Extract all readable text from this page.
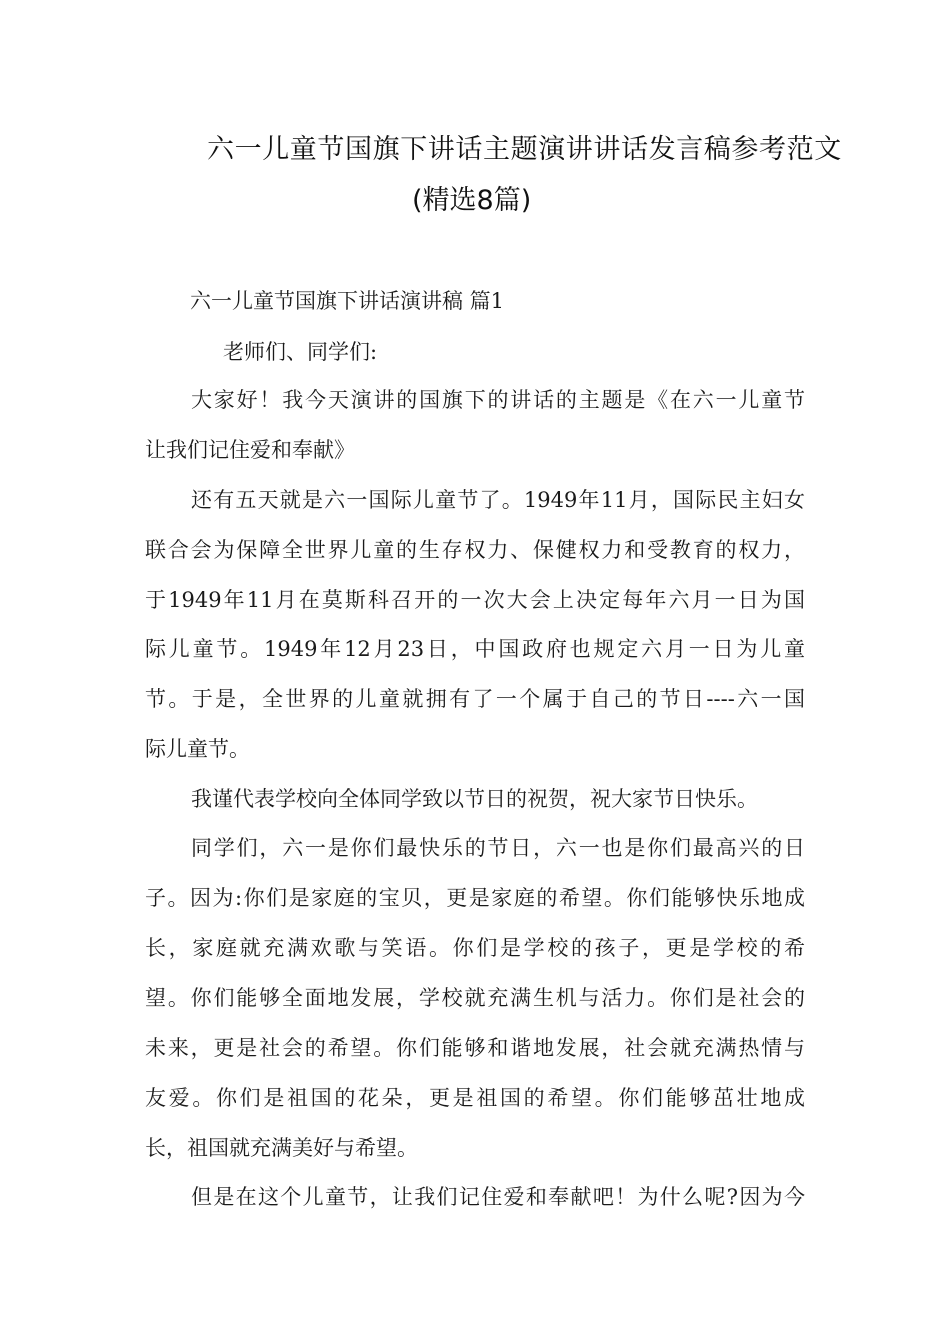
六一儿童节国旗下讲话主题演讲讲话发言稿参考范文
(精选8篇)
六一儿童节国旗下讲话演讲稿 篇1
老师们、同学们:
大家好！我今天演讲的国旗下的讲话的主题是《在六一儿童节
让我们记住爱和奉献》
还有五天就是六一国际儿童节了。1949年11月，国际民主妇女
联合会为保障全世界儿童的生存权力、保健权力和受教育的权力，
于1949年11月在莫斯科召开的一次大会上决定每年六月一日为国
际儿童节。1949年12月23日，中国政府也规定六月一日为儿童
节。于是，全世界的儿童就拥有了一个属于自己的节日----六一国
际儿童节。
我谨代表学校向全体同学致以节日的祝贺，祝大家节日快乐。
同学们，六一是你们最快乐的节日，六一也是你们最高兴的日
子。因为:你们是家庭的宝贝，更是家庭的希望。你们能够快乐地成
长，家庭就充满欢歌与笑语。你们是学校的孩子，更是学校的希
望。你们能够全面地发展，学校就充满生机与活力。你们是社会的
未来，更是社会的希望。你们能够和谐地发展，社会就充满热情与
友爱。你们是祖国的花朵，更是祖国的希望。你们能够茁壮地成
长，祖国就充满美好与希望。
但是在这个儿童节，让我们记住爱和奉献吧！为什么呢?因为今
